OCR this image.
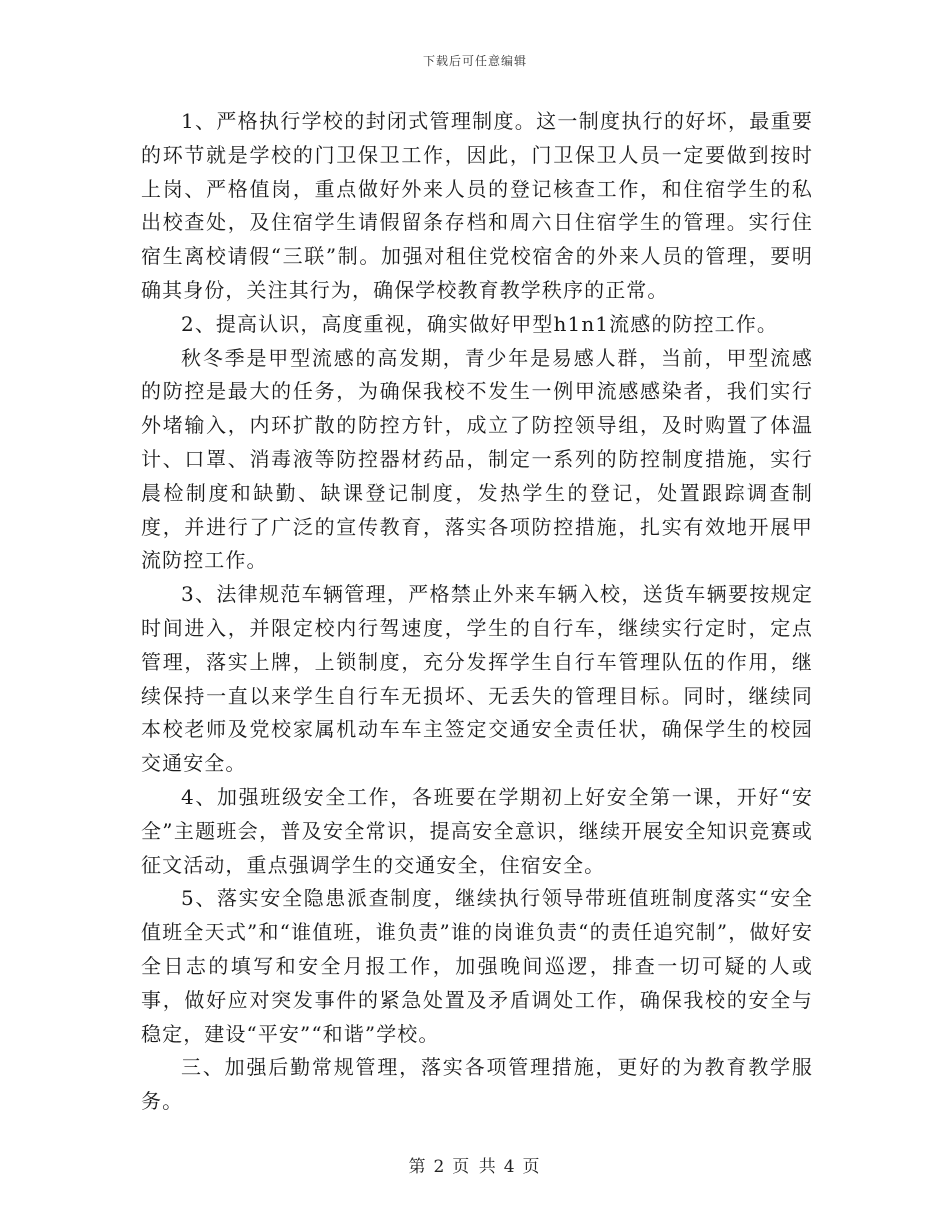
下载后可任意编辑

1、严格执行学校的封闭式管理制度。这一制度执行的好坏，最重要的环节就是学校的门卫保卫工作，因此，门卫保卫人员一定要做到按时上岗、严格值岗，重点做好外来人员的登记核查工作，和住宿学生的私出校查处，及住宿学生请假留条存档和周六日住宿学生的管理。实行住宿生离校请假“三联”制。加强对租住党校宿舍的外来人员的管理，要明确其身份，关注其行为，确保学校教育教学秩序的正常。

2、提高认识，高度重视，确实做好甲型h1n1流感的防控工作。

秋冬季是甲型流感的高发期，青少年是易感人群，当前，甲型流感的防控是最大的任务，为确保我校不发生一例甲流感感染者，我们实行外堵输入，内环扩散的防控方针，成立了防控领导组，及时购置了体温计、口罩、消毒液等防控器材药品，制定一系列的防控制度措施，实行晨检制度和缺勤、缺课登记制度，发热学生的登记，处置跟踪调查制度，并进行了广泛的宣传教育，落实各项防控措施，扎实有效地开展甲流防控工作。

3、法律规范车辆管理，严格禁止外来车辆入校，送货车辆要按规定时间进入，并限定校内行驾速度，学生的自行车，继续实行定时，定点管理，落实上牌，上锁制度，充分发挥学生自行车管理队伍的作用，继续保持一直以来学生自行车无损坏、无丢失的管理目标。同时，继续同本校老师及党校家属机动车车主签定交通安全责任状，确保学生的校园交通安全。

4、加强班级安全工作，各班要在学期初上好安全第一课，开好“安全”主题班会，普及安全常识，提高安全意识，继续开展安全知识竞赛或征文活动，重点强调学生的交通安全，住宿安全。

5、落实安全隐患派查制度，继续执行领导带班值班制度落实“安全值班全天式”和“谁值班，谁负责”谁的岗谁负责“的责任追究制”，做好安全日志的填写和安全月报工作，加强晚间巡逻，排查一切可疑的人或事，做好应对突发事件的紧急处置及矛盾调处工作，确保我校的安全与稳定，建设“平安”“和谐”学校。

三、加强后勤常规管理，落实各项管理措施，更好的为教育教学服务。

第 2 页 共 4 页
